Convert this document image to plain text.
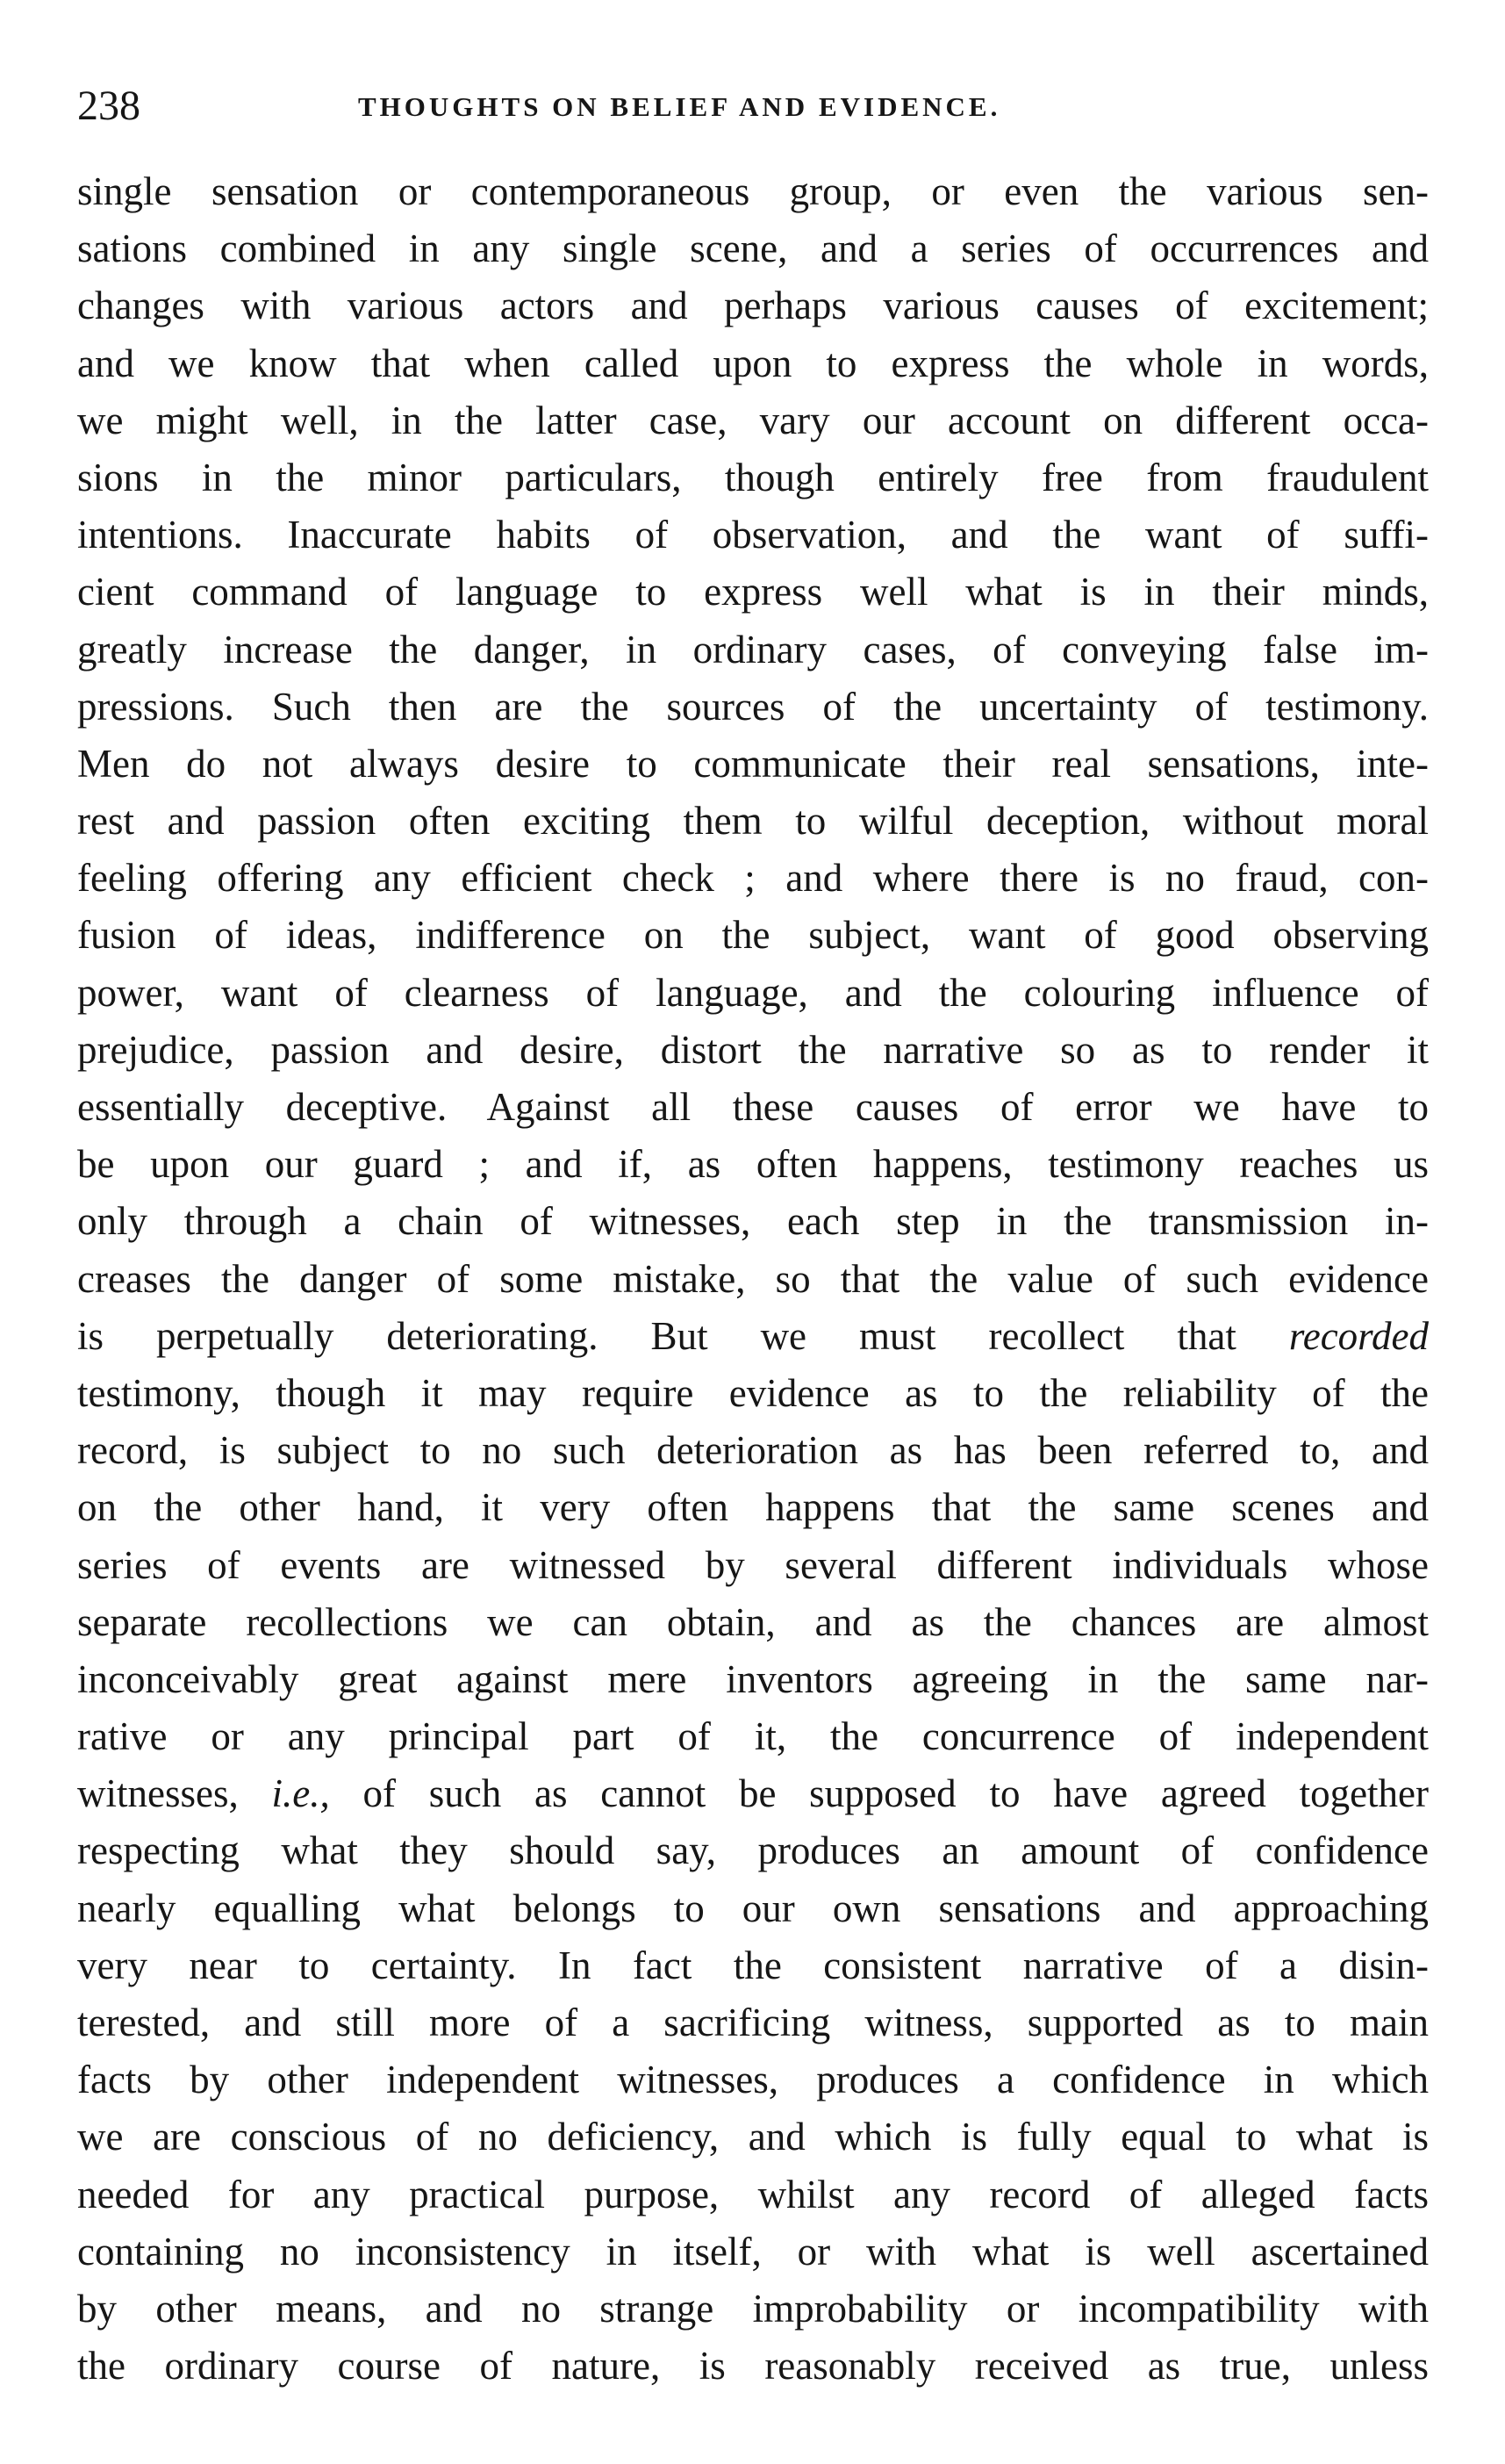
238	THOUGHTS ON BELIEF AND EVIDENCE.
single sensation or contemporaneous group, or even the various sen-
sations combined in any single scene, and a series of occurrences and
changes with various actors and perhaps various causes of excitement;
and we know that when called upon to express the whole in words,
we might well, in the latter case, vary our account on different occa-
sions in the minor particulars, though entirely free from fraudulent
intentions. Inaccurate habits of observation, and the want of suffi-
cient command of language to express well what is in their minds,
greatly increase the danger, in ordinary cases, of conveying false im-
pressions. Such then are the sources of the uncertainty of testimony.
Men do not always desire to communicate their real sensations, inte-
rest and passion often exciting them to wilful deception, without moral
feeling offering any efficient check ; and where there is no fraud, con-
fusion of ideas, indifference on the subject, want of good observing
power, want of clearness of language, and the colouring influence of
prejudice, passion and desire, distort the narrative so as to render it
essentially deceptive. Against all these causes of error we have to
be upon our guard ; and if, as often happens, testimony reaches us
only through a chain of witnesses, each step in the transmission in-
creases the danger of some mistake, so that the value of such evidence
is perpetually deteriorating. But we must recollect that recorded
testimony, though it may require evidence as to the reliability of the
record, is subject to no such deterioration as has been referred to, and
on the other hand, it very often happens that the same scenes and
series of events are witnessed by several different individuals whose
separate recollections we can obtain, and as the chances are almost
inconceivably great against mere inventors agreeing in the same nar-
rative or any principal part of it, the concurrence of independent
witnesses, i.e., of such as cannot be supposed to have agreed together
respecting what they should say, produces an amount of confidence
nearly equalling what belongs to our own sensations and approaching
very near to certainty. In fact the consistent narrative of a disin-
terested, and still more of a sacrificing witness, supported as to main
facts by other independent witnesses, produces a confidence in which
we are conscious of no deficiency, and which is fully equal to what is
needed for any practical purpose, whilst any record of alleged facts
containing no inconsistency in itself, or with what is well ascertained
by other means, and no strange improbability or incompatibility with
the ordinary course of nature, is reasonably received as true, unless
